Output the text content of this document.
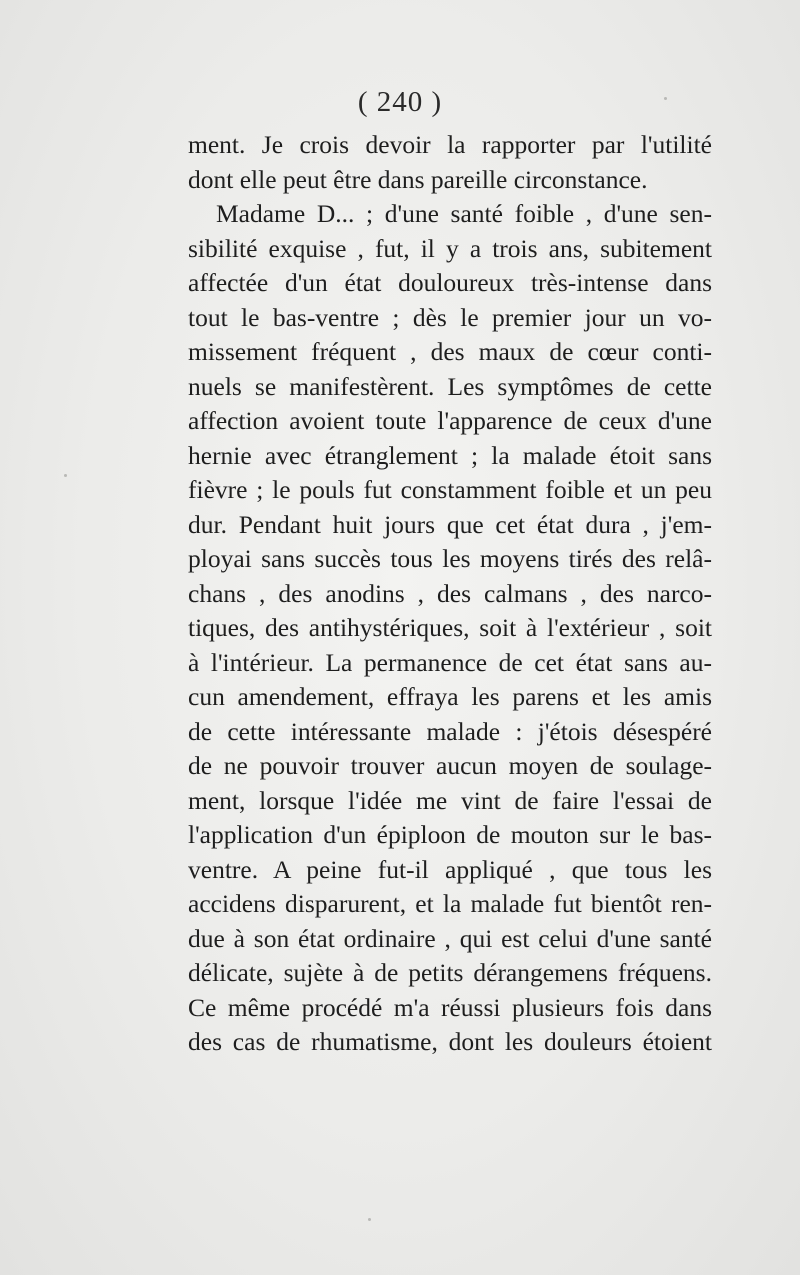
( 240 )
ment. Je crois devoir la rapporter par l'utilité
dont elle peut être dans pareille circonstance.
Madame D... ; d'une santé foible , d'une sen-
sibilité exquise , fut, il y a trois ans, subitement
affectée d'un état douloureux très-intense dans
tout le bas-ventre ; dès le premier jour un vo-
missement fréquent , des maux de cœur conti-
nuels se manifestèrent. Les symptômes de cette
affection avoient toute l'apparence de ceux d'une
hernie avec étranglement ; la malade étoit sans
fièvre ; le pouls fut constamment foible et un peu
dur. Pendant huit jours que cet état dura , j'em-
ployai sans succès tous les moyens tirés des relâ-
chans , des anodins , des calmans , des narco-
tiques, des antihystériques, soit à l'extérieur , soit
à l'intérieur. La permanence de cet état sans au-
cun amendement, effraya les parens et les amis
de cette intéressante malade : j'étois désespéré
de ne pouvoir trouver aucun moyen de soulage-
ment, lorsque l'idée me vint de faire l'essai de
l'application d'un épiploon de mouton sur le bas-
ventre. A peine fut-il appliqué , que tous les
accidens disparurent, et la malade fut bientôt ren-
due à son état ordinaire , qui est celui d'une santé
délicate, sujète à de petits dérangemens fréquens.
Ce même procédé m'a réussi plusieurs fois dans
des cas de rhumatisme, dont les douleurs étoient
